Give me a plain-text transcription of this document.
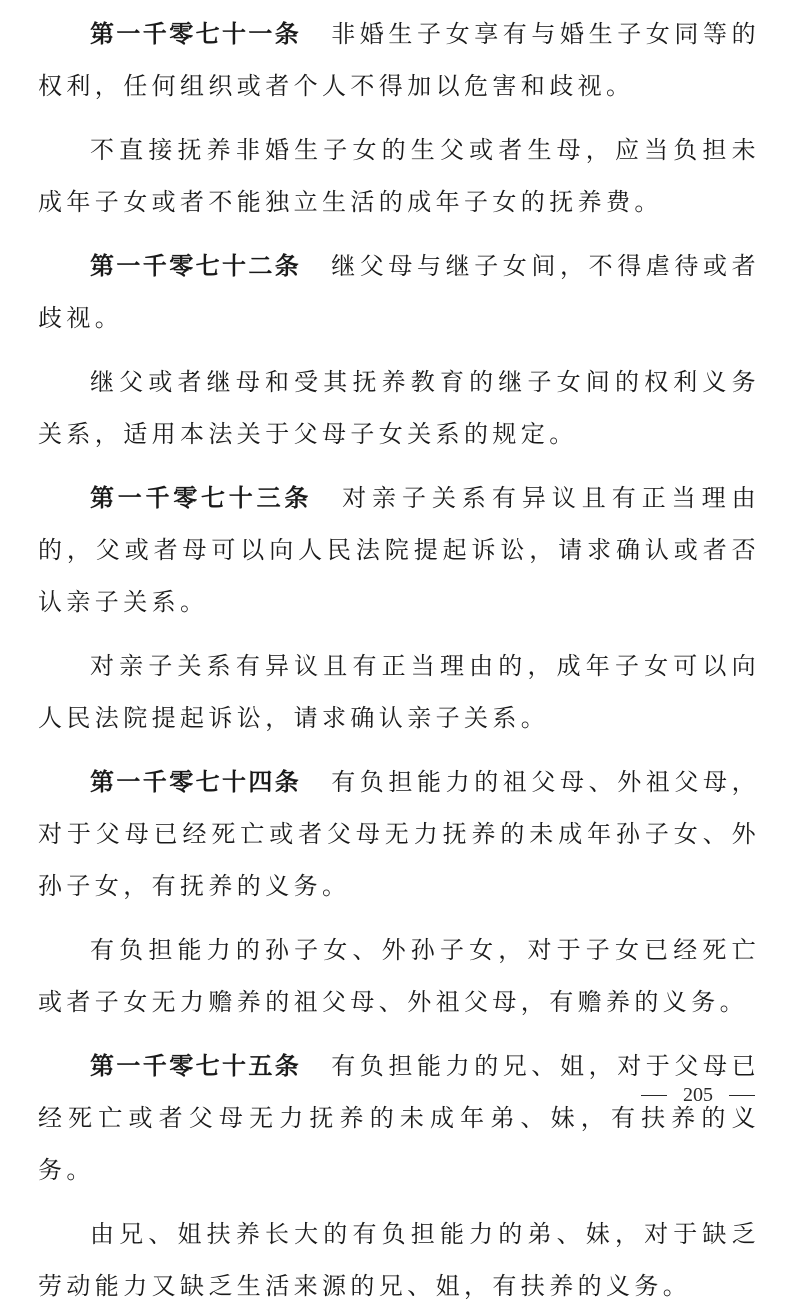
第一千零七十一条 非婚生子女享有与婚生子女同等的权利，任何组织或者个人不得加以危害和歧视。

不直接抚养非婚生子女的生父或者生母，应当负担未成年子女或者不能独立生活的成年子女的抚养费。

第一千零七十二条 继父母与继子女间，不得虐待或者歧视。

继父或者继母和受其抚养教育的继子女间的权利义务关系，适用本法关于父母子女关系的规定。

第一千零七十三条 对亲子关系有异议且有正当理由的，父或者母可以向人民法院提起诉讼，请求确认或者否认亲子关系。

对亲子关系有异议且有正当理由的，成年子女可以向人民法院提起诉讼，请求确认亲子关系。

第一千零七十四条 有负担能力的祖父母、外祖父母，对于父母已经死亡或者父母无力抚养的未成年孙子女、外孙子女，有抚养的义务。

有负担能力的孙子女、外孙子女，对于子女已经死亡或者子女无力赡养的祖父母、外祖父母，有赡养的义务。

第一千零七十五条 有负担能力的兄、姐，对于父母已经死亡或者父母无力抚养的未成年弟、妹，有扶养的义务。

由兄、姐扶养长大的有负担能力的弟、妹，对于缺乏劳动能力又缺乏生活来源的兄、姐，有扶养的义务。

205
